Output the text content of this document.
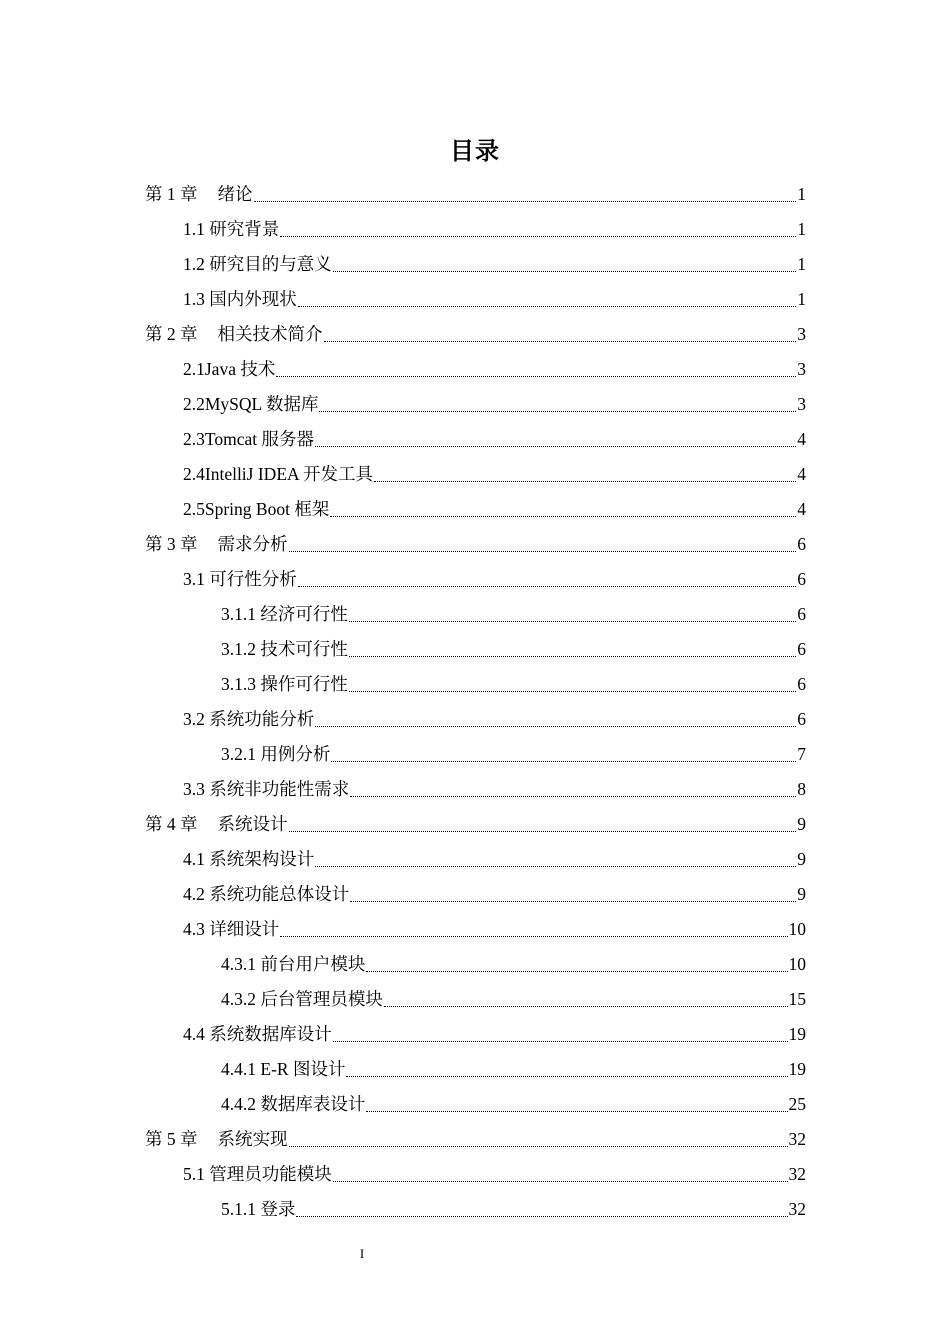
目录
第 1 章 绪论	1
1.1 研究背景	1
1.2 研究目的与意义	1
1.3 国内外现状	1
第 2 章 相关技术简介	3
2.1Java 技术	3
2.2MySQL 数据库	3
2.3Tomcat 服务器	4
2.4IntelliJ IDEA 开发工具	4
2.5Spring Boot 框架	4
第 3 章 需求分析	6
3.1 可行性分析	6
3.1.1 经济可行性	6
3.1.2 技术可行性	6
3.1.3 操作可行性	6
3.2 系统功能分析	6
3.2.1 用例分析	7
3.3 系统非功能性需求	8
第 4 章 系统设计	9
4.1 系统架构设计	9
4.2 系统功能总体设计	9
4.3 详细设计	10
4.3.1 前台用户模块	10
4.3.2 后台管理员模块	15
4.4 系统数据库设计	19
4.4.1 E-R 图设计	19
4.4.2 数据库表设计	25
第 5 章 系统实现	32
5.1 管理员功能模块	32
5.1.1 登录	32
I
